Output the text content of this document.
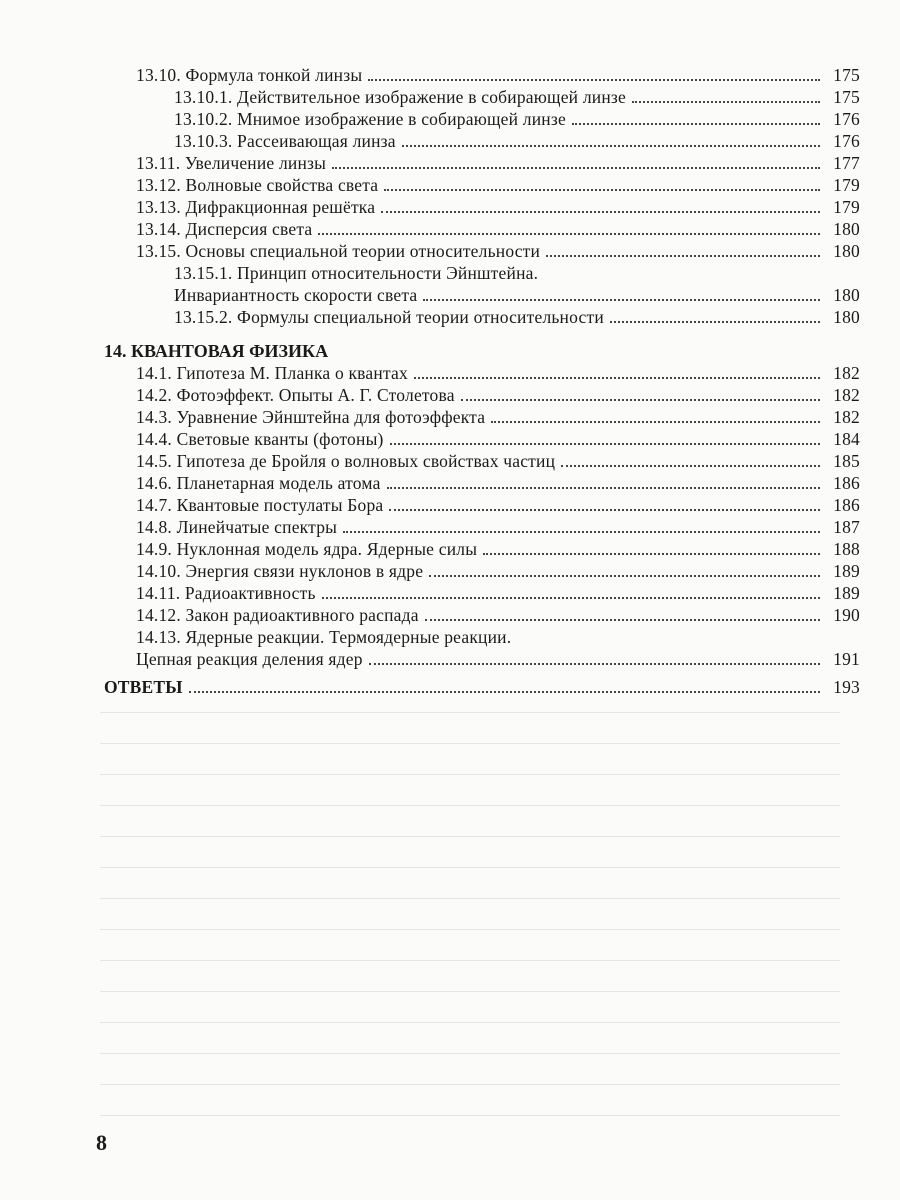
13.10. Формула тонкой линзы	175
13.10.1. Действительное изображение в собирающей линзе	175
13.10.2. Мнимое изображение в собирающей линзе	176
13.10.3. Рассеивающая линза	176
13.11. Увеличение линзы	177
13.12. Волновые свойства света	179
13.13. Дифракционная решётка	179
13.14. Дисперсия света	180
13.15. Основы специальной теории относительности	180
13.15.1. Принцип относительности Эйнштейна.
Инвариантность скорости света	180
13.15.2. Формулы специальной теории относительности	180
14. КВАНТОВАЯ ФИЗИКА
14.1. Гипотеза М. Планка о квантах	182
14.2. Фотоэффект. Опыты А. Г. Столетова	182
14.3. Уравнение Эйнштейна для фотоэффекта	182
14.4. Световые кванты (фотоны)	184
14.5. Гипотеза де Бройля о волновых свойствах частиц	185
14.6. Планетарная модель атома	186
14.7. Квантовые постулаты Бора	186
14.8. Линейчатые спектры	187
14.9. Нуклонная модель ядра. Ядерные силы	188
14.10. Энергия связи нуклонов в ядре	189
14.11. Радиоактивность	189
14.12. Закон радиоактивного распада	190
14.13. Ядерные реакции. Термоядерные реакции.
Цепная реакция деления ядер	191
ОТВЕТЫ	193
8
